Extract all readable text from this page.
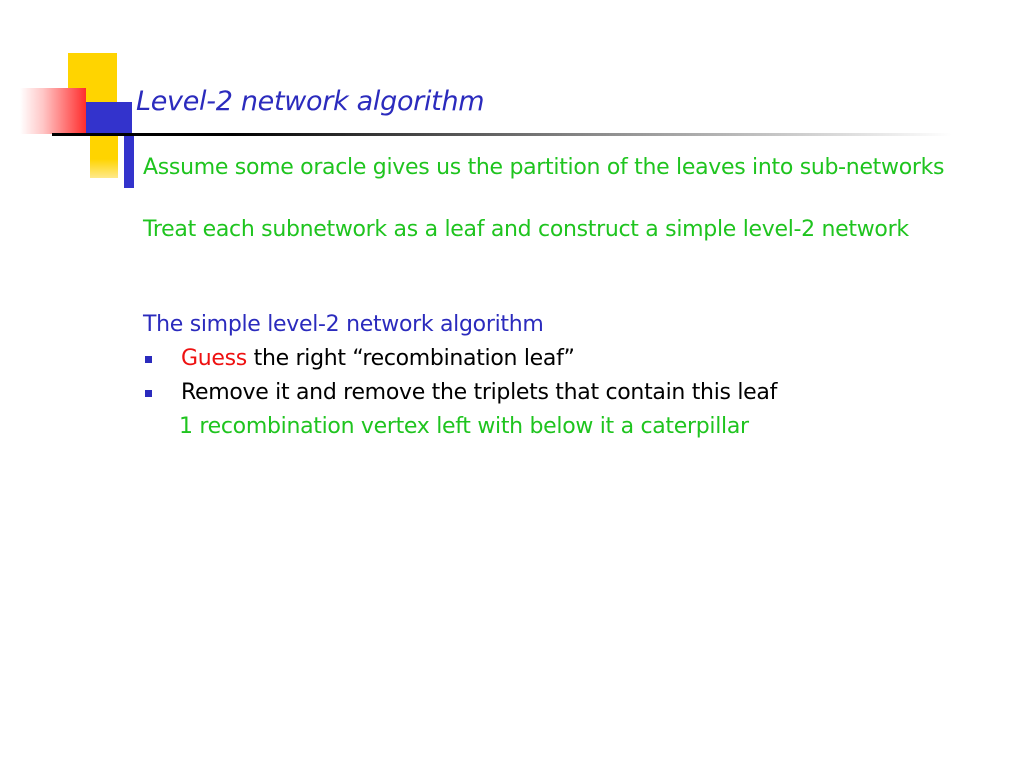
Level-2 network algorithm
Assume some oracle gives us the partition of the leaves into sub-networks
Treat each subnetwork as a leaf and construct a simple level-2 network
The simple level-2 network algorithm
Guess the right “recombination leaf”
Remove it and remove the triplets that contain this leaf
1 recombination vertex left with below it a caterpillar
